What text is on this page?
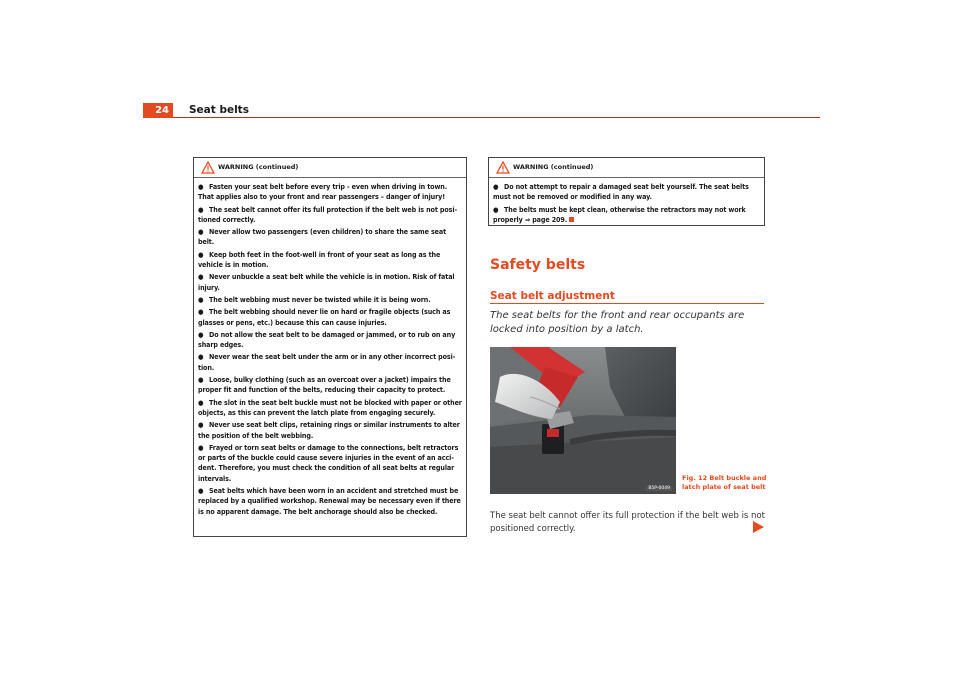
24	Seat belts
WARNING (continued)
● Fasten your seat belt before every trip - even when driving in town. That applies also to your front and rear passengers – danger of injury!
● The seat belt cannot offer its full protection if the belt web is not posi-tioned correctly.
● Never allow two passengers (even children) to share the same seat belt.
● Keep both feet in the foot-well in front of your seat as long as the vehicle is in motion.
● Never unbuckle a seat belt while the vehicle is in motion. Risk of fatal injury.
● The belt webbing must never be twisted while it is being worn.
● The belt webbing should never lie on hard or fragile objects (such as glasses or pens, etc.) because this can cause injuries.
● Do not allow the seat belt to be damaged or jammed, or to rub on any sharp edges.
● Never wear the seat belt under the arm or in any other incorrect posi-tion.
● Loose, bulky clothing (such as an overcoat over a jacket) impairs the proper fit and function of the belts, reducing their capacity to protect.
● The slot in the seat belt buckle must not be blocked with paper or other objects, as this can prevent the latch plate from engaging securely.
● Never use seat belt clips, retaining rings or similar instruments to alter the position of the belt webbing.
● Frayed or torn seat belts or damage to the connections, belt retractors or parts of the buckle could cause severe injuries in the event of an acci-dent. Therefore, you must check the condition of all seat belts at regular intervals.
● Seat belts which have been worn in an accident and stretched must be replaced by a qualified workshop. Renewal may be necessary even if there is no apparent damage. The belt anchorage should also be checked.
WARNING (continued)
● Do not attempt to repair a damaged seat belt yourself. The seat belts must not be removed or modified in any way.
● The belts must be kept clean, otherwise the retractors may not work properly ⇒ page 209.
Safety belts
Seat belt adjustment
The seat belts for the front and rear occupants are locked into position by a latch.
B5P-0049
Fig. 12 Belt buckle and latch plate of seat belt
The seat belt cannot offer its full protection if the belt web is not positioned correctly.
